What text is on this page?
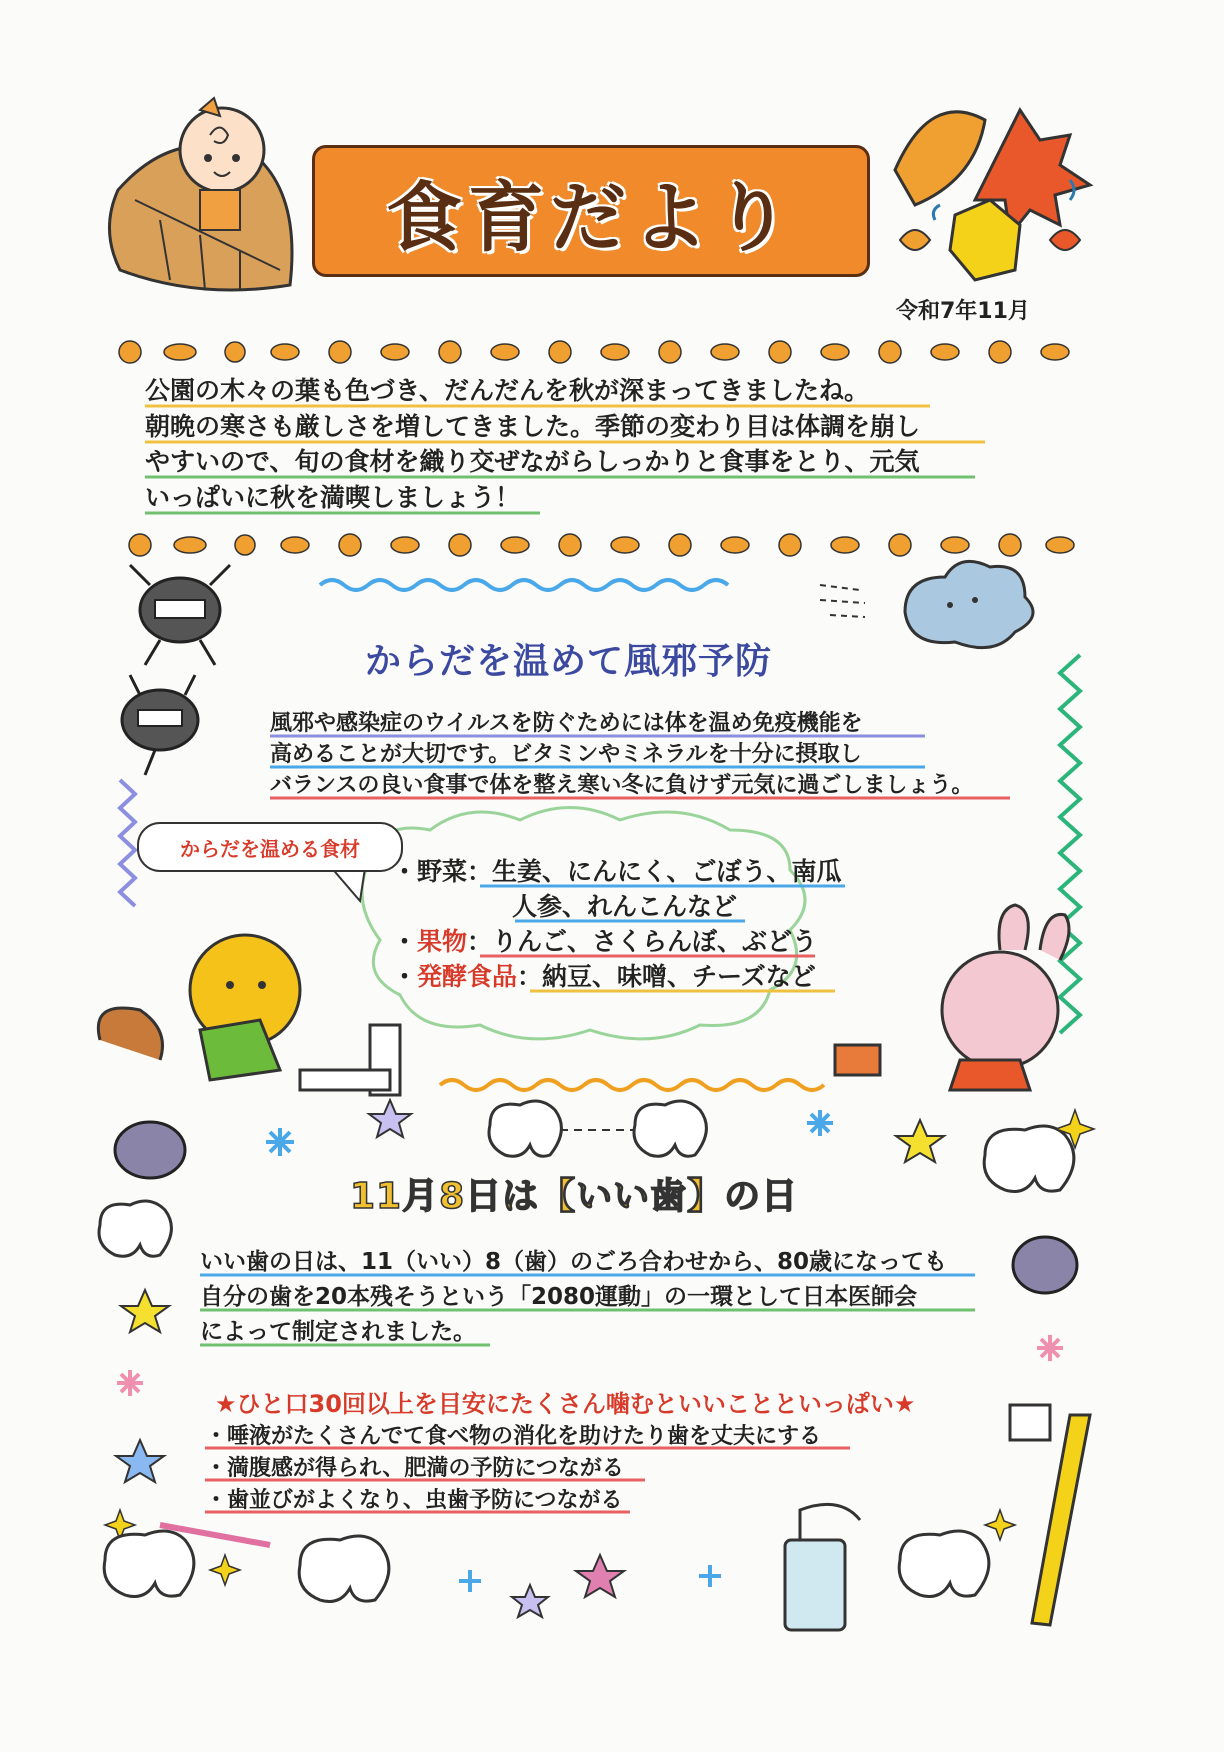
食育だより
令和7年11月
公園の木々の葉も色づき、だんだんを秋が深まってきましたね。
朝晩の寒さも厳しさを増してきました。季節の変わり目は体調を崩し
やすいので、旬の食材を織り交ぜながらしっかりと食事をとり、元気
いっぱいに秋を満喫しましょう！
からだを温めて風邪予防
風邪や感染症のウイルスを防ぐためには体を温め免疫機能を
高めることが大切です。ビタミンやミネラルを十分に摂取し
バランスの良い食事で体を整え寒い冬に負けず元気に過ごしましょう。
からだを温める食材
・野菜：生姜、にんにく、ごぼう、南瓜
人参、れんこんなど
・果物：りんご、さくらんぼ、ぶどう
・発酵食品：納豆、味噌、チーズなど
11月8日は【いい歯】の日
いい歯の日は、11（いい）8（歯）のごろ合わせから、80歳になっても
自分の歯を20本残そうという「2080運動」の一環として日本医師会
によって制定されました。
★ひと口30回以上を目安にたくさん噛むといいことといっぱい★
・唾液がたくさんでて食べ物の消化を助けたり歯を丈夫にする
・満腹感が得られ、肥満の予防につながる
・歯並びがよくなり、虫歯予防につながる
